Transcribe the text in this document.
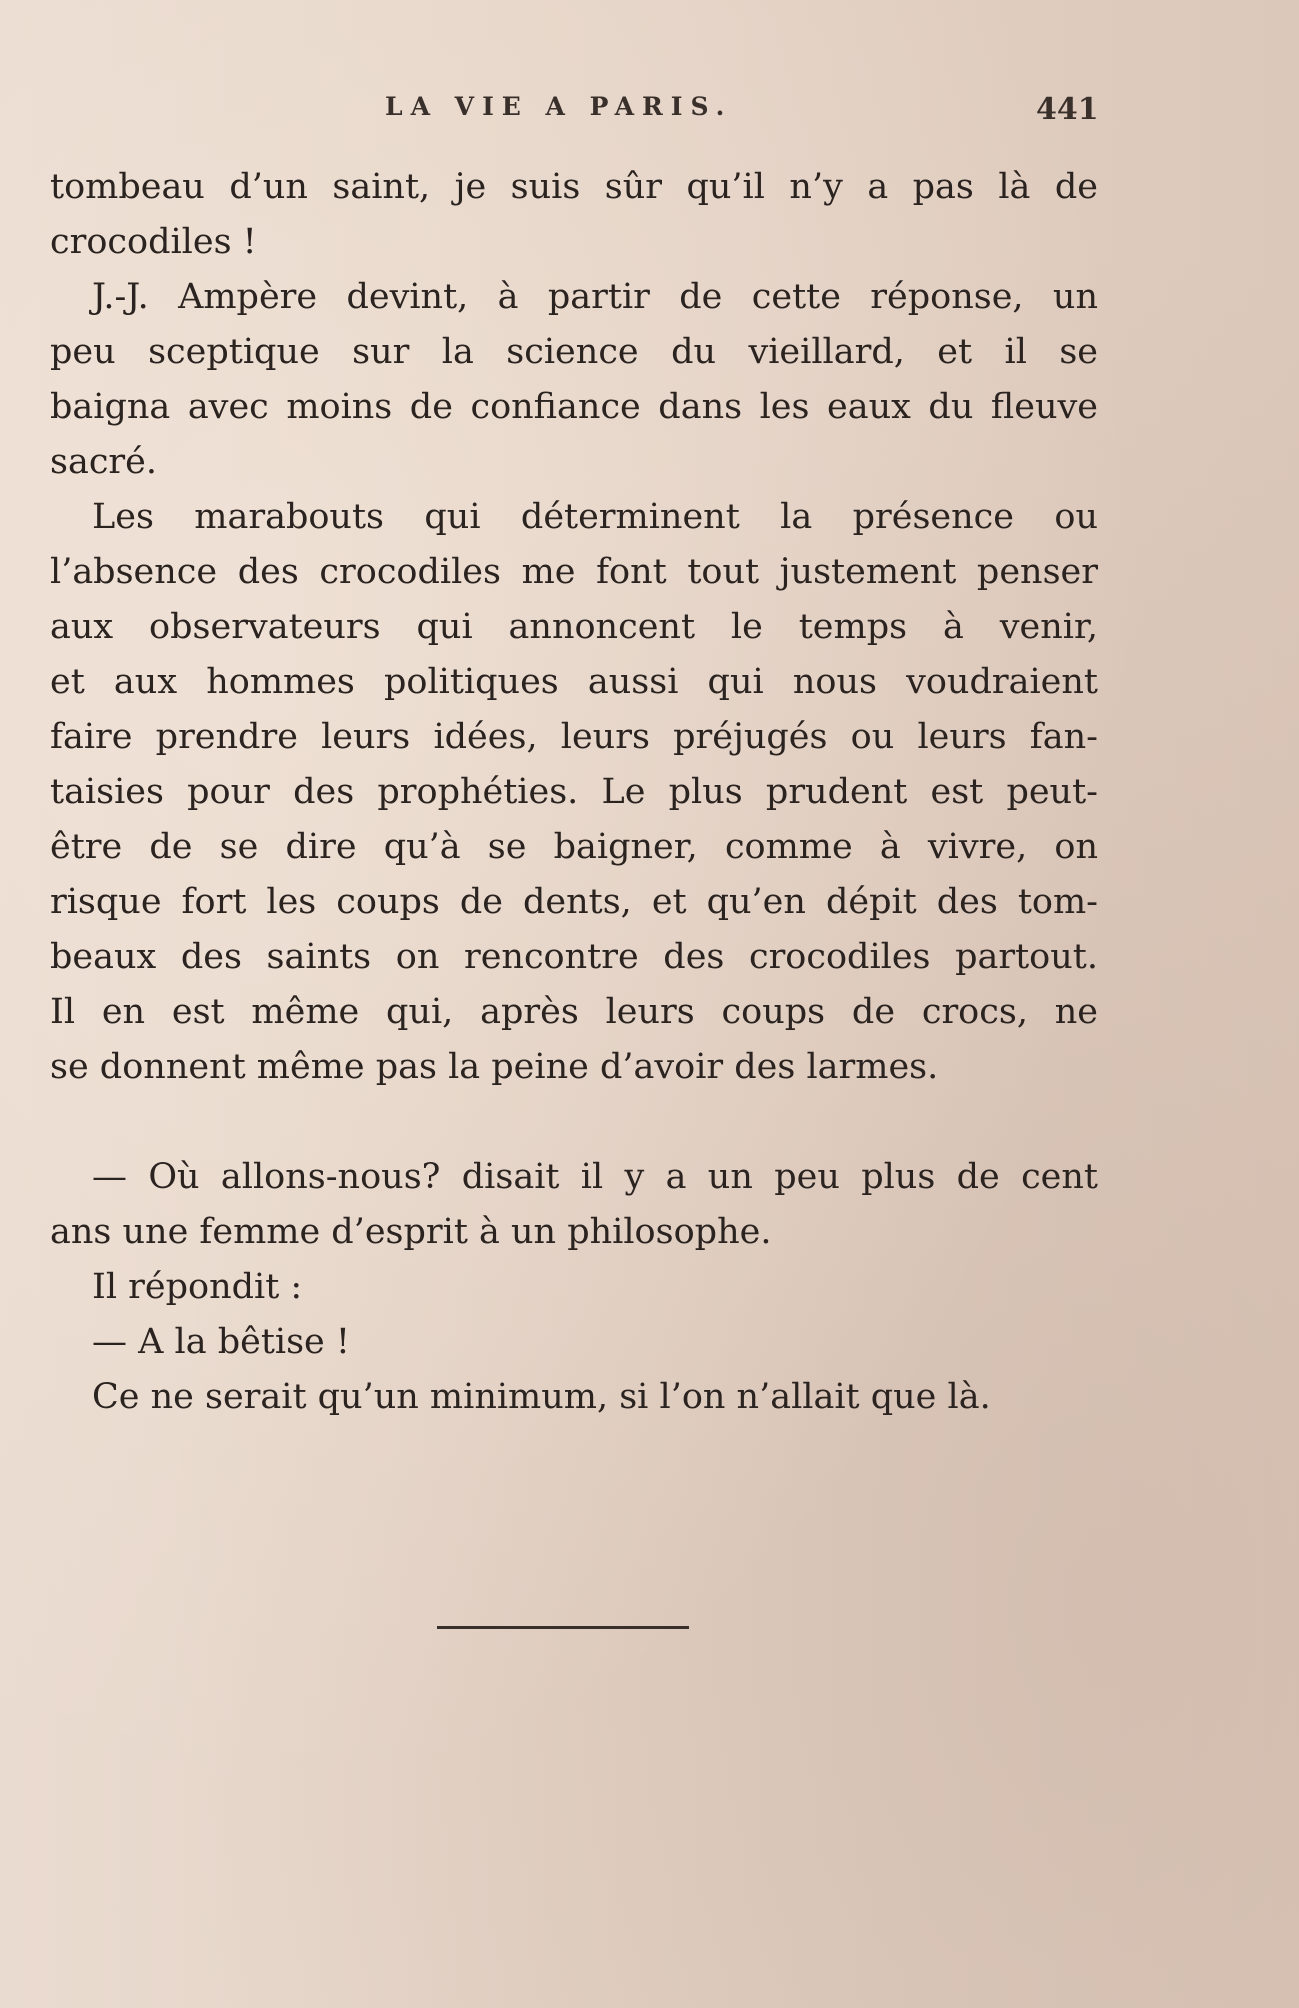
LA VIE A PARIS.	441
tombeau d’un saint, je suis sûr qu’il n’y a pas là de
crocodiles !
J.-J. Ampère devint, à partir de cette réponse, un
peu sceptique sur la science du vieillard, et il se
baigna avec moins de confiance dans les eaux du fleuve
sacré.
Les marabouts qui déterminent la présence ou
l’absence des crocodiles me font tout justement penser
aux observateurs qui annoncent le temps à venir,
et aux hommes politiques aussi qui nous voudraient
faire prendre leurs idées, leurs préjugés ou leurs fan-
taisies pour des prophéties. Le plus prudent est peut-
être de se dire qu’à se baigner, comme à vivre, on
risque fort les coups de dents, et qu’en dépit des tom-
beaux des saints on rencontre des crocodiles partout.
Il en est même qui, après leurs coups de crocs, ne
se donnent même pas la peine d’avoir des larmes.
— Où allons-nous? disait il y a un peu plus de cent
ans une femme d’esprit à un philosophe.
Il répondit :
— A la bêtise !
Ce ne serait qu’un minimum, si l’on n’allait que là.
